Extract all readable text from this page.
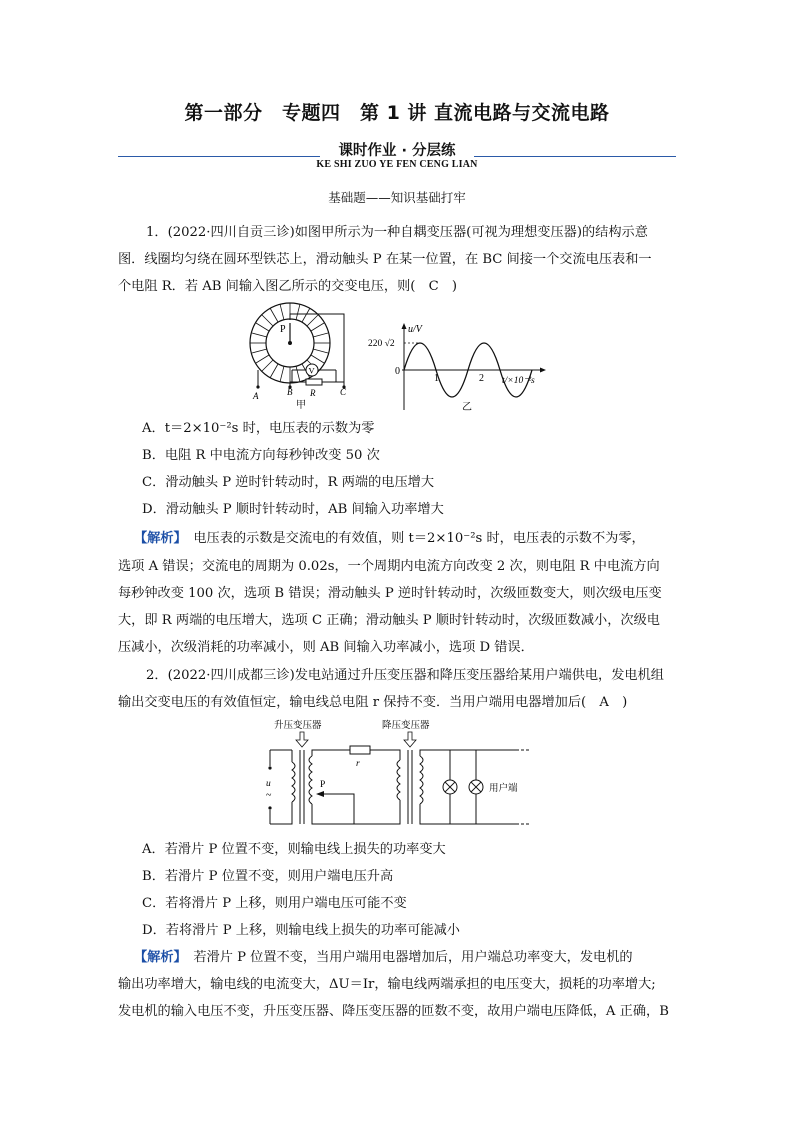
第一部分　专题四　第 1 讲 直流电路与交流电路
课时作业 · 分层练
KE SHI ZUO YE FEN CENG LIAN
基础题——知识基础打牢
1．(2022·四川自贡三诊)如图甲所示为一种自耦变压器(可视为理想变压器)的结构示意
图．线圈均匀绕在圆环型铁芯上，滑动触头 P 在某一位置，在 BC 间接一个交流电压表和一
个电阻 R．若 AB 间输入图乙所示的交变电压，则(　C　)
P
V
A	B R	C
甲
u/V
220 √2
0
1	2 t/×10⁻²s
乙
A．t＝2×10⁻²s 时，电压表的示数为零
B．电阻 R 中电流方向每秒钟改变 50 次
C．滑动触头 P 逆时针转动时，R 两端的电压增大
D．滑动触头 P 顺时针转动时，AB 间输入功率增大
【解析】　电压表的示数是交流电的有效值，则 t＝2×10⁻²s 时，电压表的示数不为零，
选项 A 错误；交流电的周期为 0.02s，一个周期内电流方向改变 2 次，则电阻 R 中电流方向
每秒钟改变 100 次，选项 B 错误；滑动触头 P 逆时针转动时，次级匝数变大，则次级电压变
大，即 R 两端的电压增大，选项 C 正确；滑动触头 P 顺时针转动时，次级匝数减小，次级电
压减小，次级消耗的功率减小，则 AB 间输入功率减小，选项 D 错误．
2．(2022·四川成都三诊)发电站通过升压变压器和降压变压器给某用户端供电，发电机组
输出交变电压的有效值恒定，输电线总电阻 r 保持不变．当用户端用电器增加后(　A　)
升压变压器	降压变压器
u
~
r
P	用户端
A．若滑片 P 位置不变，则输电线上损失的功率变大
B．若滑片 P 位置不变，则用户端电压升高
C．若将滑片 P 上移，则用户端电压可能不变
D．若将滑片 P 上移，则输电线上损失的功率可能减小
【解析】　若滑片 P 位置不变，当用户端用电器增加后，用户端总功率变大，发电机的
输出功率增大，输电线的电流变大，ΔU＝Ir，输电线两端承担的电压变大，损耗的功率增大;
发电机的输入电压不变，升压变压器、降压变压器的匝数不变，故用户端电压降低，A 正确，B
